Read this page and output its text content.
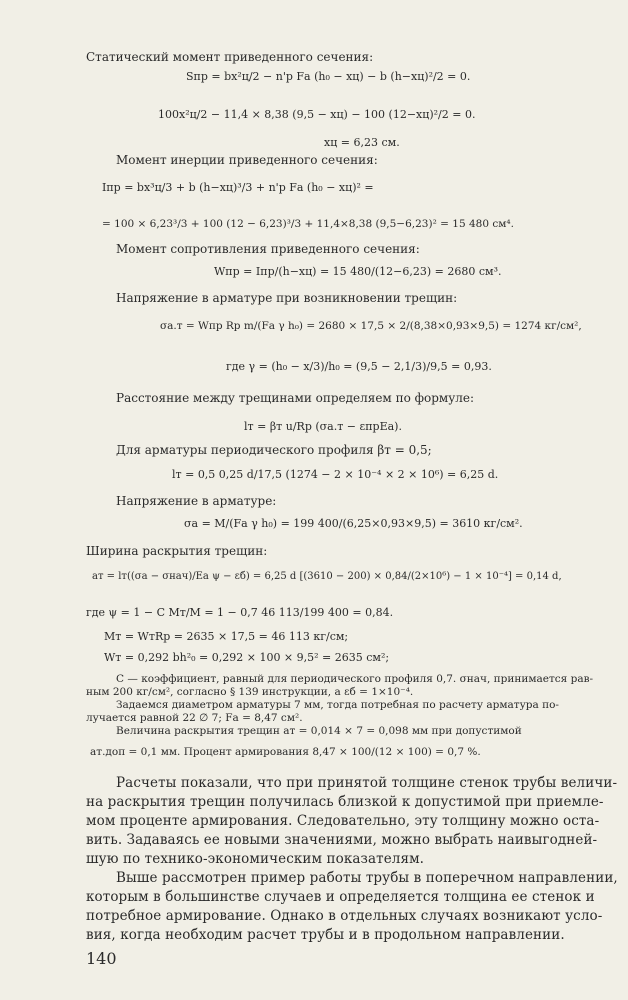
Статический момент приведенного сечения:
Sпр = bx²ц/2 − n'р Fа (h₀ − xц) − b (h−xц)²/2 = 0.
100x²ц/2 − 11,4 × 8,38 (9,5 − xц) − 100 (12−xц)²/2 = 0.
xц = 6,23 см.
Момент инерции приведенного сечения:
Iпр = bx³ц/3 + b (h−xц)³/3 + n'р Fа (h₀ − xц)² =
= 100 × 6,23³/3 + 100 (12 − 6,23)³/3 + 11,4×8,38 (9,5−6,23)² = 15 480 см⁴.
Момент сопротивления приведенного сечения:
Wпр = Iпр/(h−xц) = 15 480/(12−6,23) = 2680 см³.
Напряжение в арматуре при возникновении трещин:
σа.т = Wпр Rр m/(Fа γ h₀) = 2680 × 17,5 × 2/(8,38×0,93×9,5) = 1274 кг/см²,
где γ = (h₀ − x/3)/h₀ = (9,5 − 2,1/3)/9,5 = 0,93.
Расстояние между трещинами определяем по формуле:
lт = βт u/Rр (σа.т − εпрEа).
Для арматуры периодического профиля βт = 0,5;
lт = 0,5 0,25 d/17,5 (1274 − 2 × 10⁻⁴ × 2 × 10⁶) = 6,25 d.
Напряжение в арматуре:
σа = M/(Fа γ h₀) = 199 400/(6,25×0,93×9,5) = 3610 кг/см².
Ширина раскрытия трещин:
aт = lт((σа − σнач)/Eа ψ − εб) = 6,25 d [(3610 − 200) × 0,84/(2×10⁶) − 1 × 10⁻⁴] = 0,14 d,
где ψ = 1 − C Mт/M = 1 − 0,7 46 113/199 400 = 0,84.
Mт = WтRр = 2635 × 17,5 = 46 113 кг/см;
Wт = 0,292 bh²₀ = 0,292 × 100 × 9,5² = 2635 см²;
C — коэффициент, равный для периодического профиля 0,7. σнач, принимается рав-
ным 200 кг/см², согласно § 139 инструкции, а εб = 1×10⁻⁴.
Задаемся диаметром арматуры 7 мм, тогда потребная по расчету арматура по-
лучается равной 22 ∅ 7; Fа = 8,47 см².
Величина раскрытия трещин aт = 0,014 × 7 = 0,098 мм при допустимой
aт.доп = 0,1 мм. Процент армирования 8,47 × 100/(12 × 100) = 0,7 %.
Расчеты показали, что при принятой толщине стенок трубы величи-
на раскрытия трещин получилась близкой к допустимой при приемле-
мом проценте армирования. Следовательно, эту толщину можно оста-
вить. Задаваясь ее новыми значениями, можно выбрать наивыгодней-
шую по технико-экономическим показателям.
Выше рассмотрен пример работы трубы в поперечном направлении,
которым в большинстве случаев и определяется толщина ее стенок и
потребное армирование. Однако в отдельных случаях возникают усло-
вия, когда необходим расчет трубы и в продольном направлении.
140
